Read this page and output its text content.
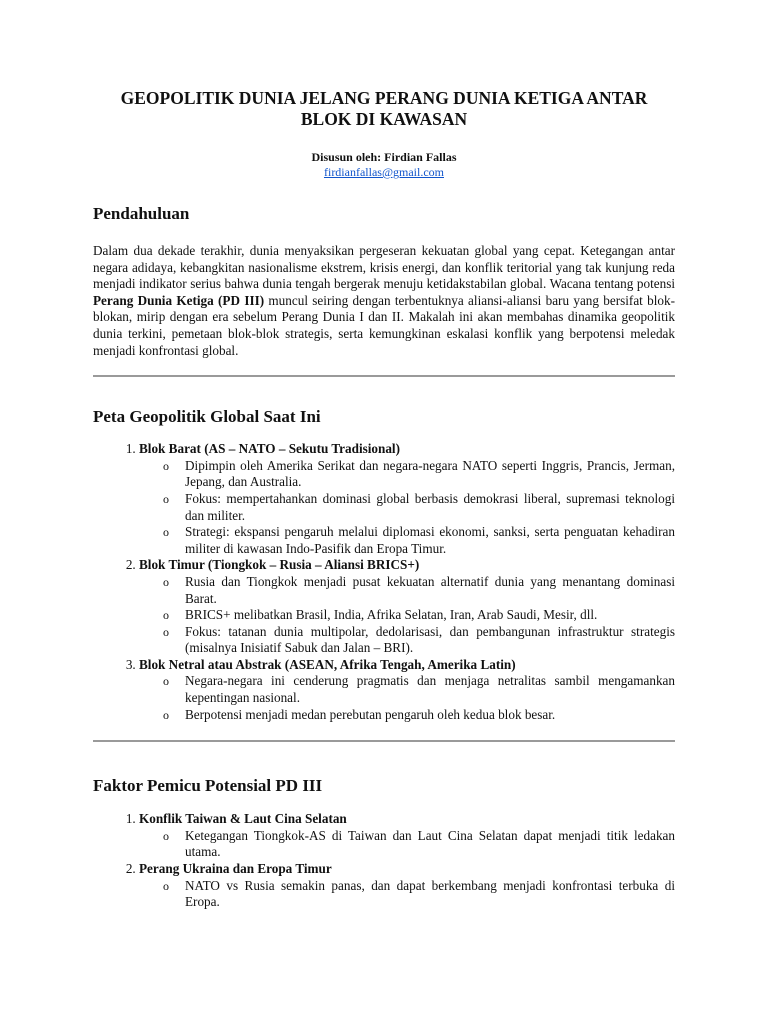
GEOPOLITIK DUNIA JELANG PERANG DUNIA KETIGA ANTAR BLOK DI KAWASAN
Disusun oleh: Firdian Fallas
firdianfallas@gmail.com
Pendahuluan

Dalam dua dekade terakhir, dunia menyaksikan pergeseran kekuatan global yang cepat. Ketegangan antar negara adidaya, kebangkitan nasionalisme ekstrem, krisis energi, dan konflik teritorial yang tak kunjung reda menjadi indikator serius bahwa dunia tengah bergerak menuju ketidakstabilan global. Wacana tentang potensi Perang Dunia Ketiga (PD III) muncul seiring dengan terbentuknya aliansi-aliansi baru yang bersifat blok-blokan, mirip dengan era sebelum Perang Dunia I dan II. Makalah ini akan membahas dinamika geopolitik dunia terkini, pemetaan blok-blok strategis, serta kemungkinan eskalasi konflik yang berpotensi meledak menjadi konfrontasi global.

Peta Geopolitik Global Saat Ini
1. Blok Barat (AS – NATO – Sekutu Tradisional)
o Dipimpin oleh Amerika Serikat dan negara-negara NATO seperti Inggris, Prancis, Jerman, Jepang, dan Australia.
o Fokus: mempertahankan dominasi global berbasis demokrasi liberal, supremasi teknologi dan militer.
o Strategi: ekspansi pengaruh melalui diplomasi ekonomi, sanksi, serta penguatan kehadiran militer di kawasan Indo-Pasifik dan Eropa Timur.
2. Blok Timur (Tiongkok – Rusia – Aliansi BRICS+)
o Rusia dan Tiongkok menjadi pusat kekuatan alternatif dunia yang menantang dominasi Barat.
o BRICS+ melibatkan Brasil, India, Afrika Selatan, Iran, Arab Saudi, Mesir, dll.
o Fokus: tatanan dunia multipolar, dedolarisasi, dan pembangunan infrastruktur strategis (misalnya Inisiatif Sabuk dan Jalan – BRI).
3. Blok Netral atau Abstrak (ASEAN, Afrika Tengah, Amerika Latin)
o Negara-negara ini cenderung pragmatis dan menjaga netralitas sambil mengamankan kepentingan nasional.
o Berpotensi menjadi medan perebutan pengaruh oleh kedua blok besar.
Faktor Pemicu Potensial PD III
1. Konflik Taiwan & Laut Cina Selatan
o Ketegangan Tiongkok-AS di Taiwan dan Laut Cina Selatan dapat menjadi titik ledakan utama.
2. Perang Ukraina dan Eropa Timur
o NATO vs Rusia semakin panas, dan dapat berkembang menjadi konfrontasi terbuka di Eropa.
